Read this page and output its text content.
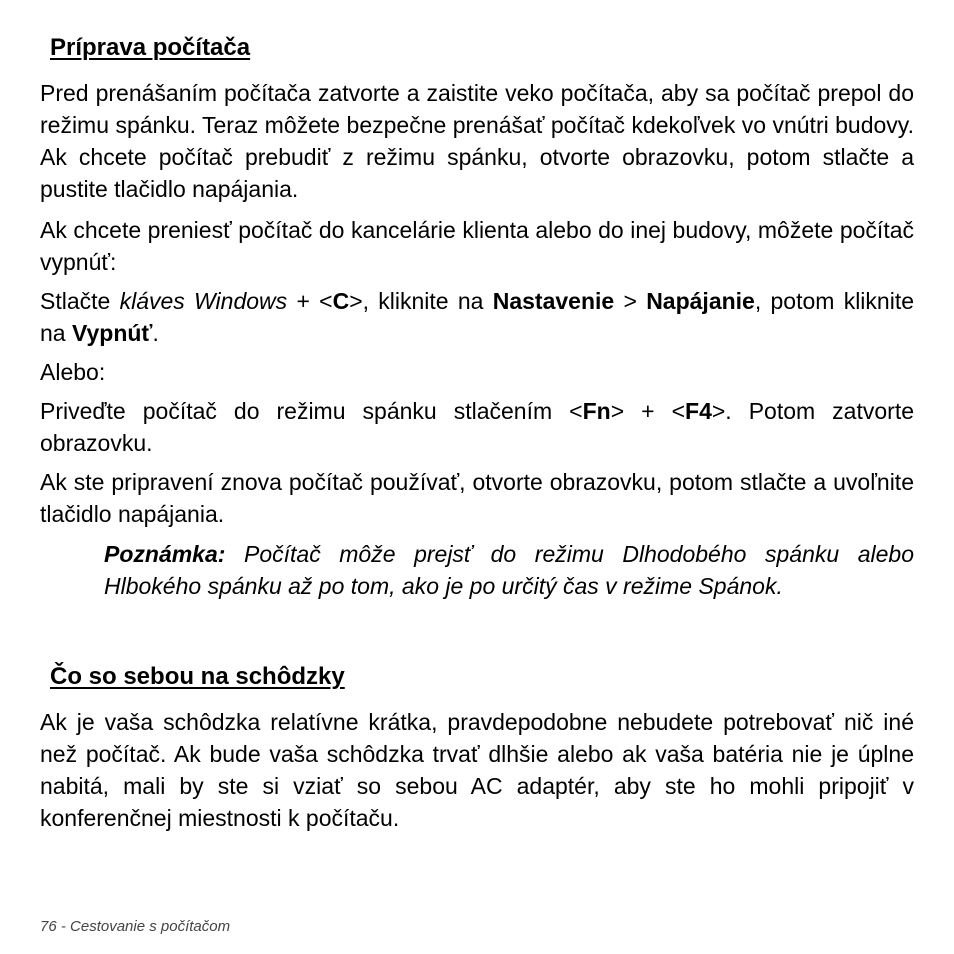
Príprava počítača

Pred prenášaním počítača zatvorte a zaistite veko počítača, aby sa počítač prepol do režimu spánku. Teraz môžete bezpečne prenášať počítač kdekoľvek vo vnútri budovy. Ak chcete počítač prebudiť z režimu spánku, otvorte obrazovku, potom stlačte a pustite tlačidlo napájania.

Ak chcete preniesť počítač do kancelárie klienta alebo do inej budovy, môžete počítač vypnúť:

Stlačte kláves Windows + <C>, kliknite na Nastavenie > Napájanie, potom kliknite na Vypnúť.

Alebo:

Priveďte počítač do režimu spánku stlačením <Fn> + <F4>. Potom zatvorte obrazovku.

Ak ste pripravení znova počítač používať, otvorte obrazovku, potom stlačte a uvoľnite tlačidlo napájania.

Poznámka: Počítač môže prejsť do režimu Dlhodobého spánku alebo Hlbokého spánku až po tom, ako je po určitý čas v režime Spánok.

Čo so sebou na schôdzky

Ak je vaša schôdzka relatívne krátka, pravdepodobne nebudete potrebovať nič iné než počítač. Ak bude vaša schôdzka trvať dlhšie alebo ak vaša batéria nie je úplne nabitá, mali by ste si vziať so sebou AC adaptér, aby ste ho mohli pripojiť v konferenčnej miestnosti k počítaču.

76 - Cestovanie s počítačom
